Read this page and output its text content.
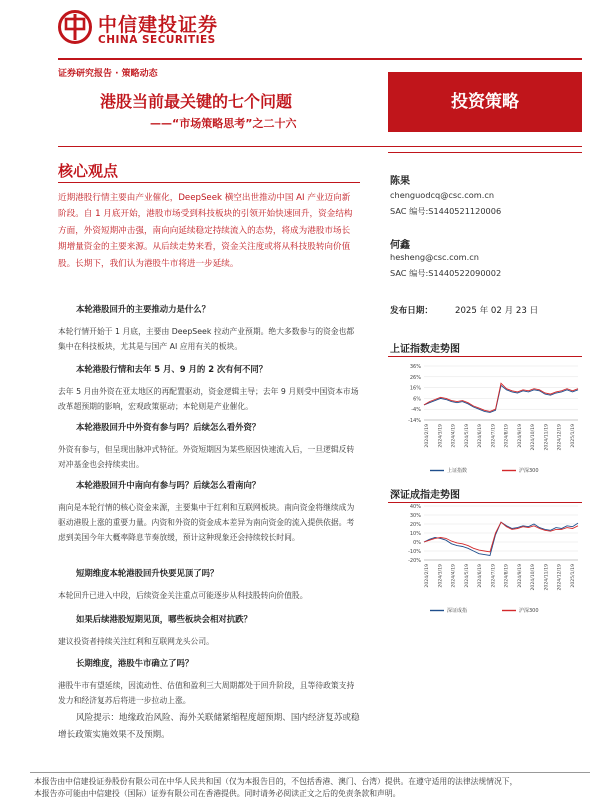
中信建投证券
CHINA SECURITIES
证券研究报告 · 策略动态
港股当前最关键的七个问题
——“市场策略思考”之二十六
投资策略
核心观点
近期港股行情主要由产业催化，DeepSeek 横空出世推动中国 AI 产业迈向新阶段。自 1 月底开始，港股市场受到科技板块的引领开始快速回升，资金结构方面，外资短期冲击强，南向向延续稳定持续流入的态势，将成为港股市场长期增量资金的主要来源。从后续走势来看，资金关注度或将从科技股转向价值股。长期下，我们认为港股牛市将进一步延续。
本轮港股回升的主要推动力是什么？
本轮行情开始于 1 月底，主要由 DeepSeek 拉动产业预期。绝大多数参与的资金也都集中在科技板块，尤其是与国产 AI 应用有关的板块。
本轮港股行情和去年 5 月、9 月的 2 次有何不同？
去年 5 月由外资在亚太地区的再配置驱动，资金逻辑主导；去年 9 月则受中国资本市场改革超预期的影响，宏观政策驱动；本轮则是产业催化。
本轮港股回升中外资有参与吗？后续怎么看外资？
外资有参与，但呈现出脉冲式特征。外资短期因为某些原因快速流入后，一旦逻辑反转对冲基金也会持续卖出。
本轮港股回升中南向有参与吗？后续怎么看南向？
南向是本轮行情的核心资金来源，主要集中于红利和互联网板块。南向资金将继续成为驱动港股上涨的重要力量。内资和外资的资金成本差异为南向资金的流入提供依据。考虑到美国今年大概率降息节奏放缓，预计这种现象还会持续较长时间。
短期维度本轮港股回升快要见顶了吗？
本轮回升已进入中段，后续资金关注重点可能逐步从科技股转向价值股。
如果后续港股短期见顶，哪些板块会相对抗跌？
建议投资者持续关注红利和互联网龙头公司。
长期维度，港股牛市确立了吗？
港股牛市有望延续，因流动性、估值和盈利三大周期都处于回升阶段，且等待政策支持发力和经济复苏后将进一步拉动上涨。
风险提示：地缘政治风险、海外关联储紧缩程度超预期、国内经济复苏或稳增长政策实施效果不及预期。
陈果
chenguodcq@csc.com.cn
SAC 编号:S1440521120006
何鑫
hesheng@csc.com.cn
SAC 编号:S1440522090002
发布日期：	2025 年 02 月 23 日
上证指数走势图
36%
26%
16%
6%
-4%
-14%
2024/2/19 2024/3/19 2024/4/19 2024/5/19 2024/6/19 2024/7/19 2024/8/19 2024/9/19 2024/10/19 2024/11/19 2024/12/19 2025/1/19
上证指数	沪深300
深证成指走势图
40%
30%
20%
10%
0%
-10%
-20%
2024/2/19 2024/3/19 2024/4/19 2024/5/19 2024/6/19 2024/7/19 2024/8/19 2024/9/19 2024/10/19 2024/11/19 2024/12/19 2025/1/19
深证成指	沪深300
本报告由中信建投证券股份有限公司在中华人民共和国（仅为本报告目的，不包括香港、澳门、台湾）提供。在遵守适用的法律法规情况下，
本报告亦可能由中信建投（国际）证券有限公司在香港提供。同时请务必阅读正文之后的免责条款和声明。
